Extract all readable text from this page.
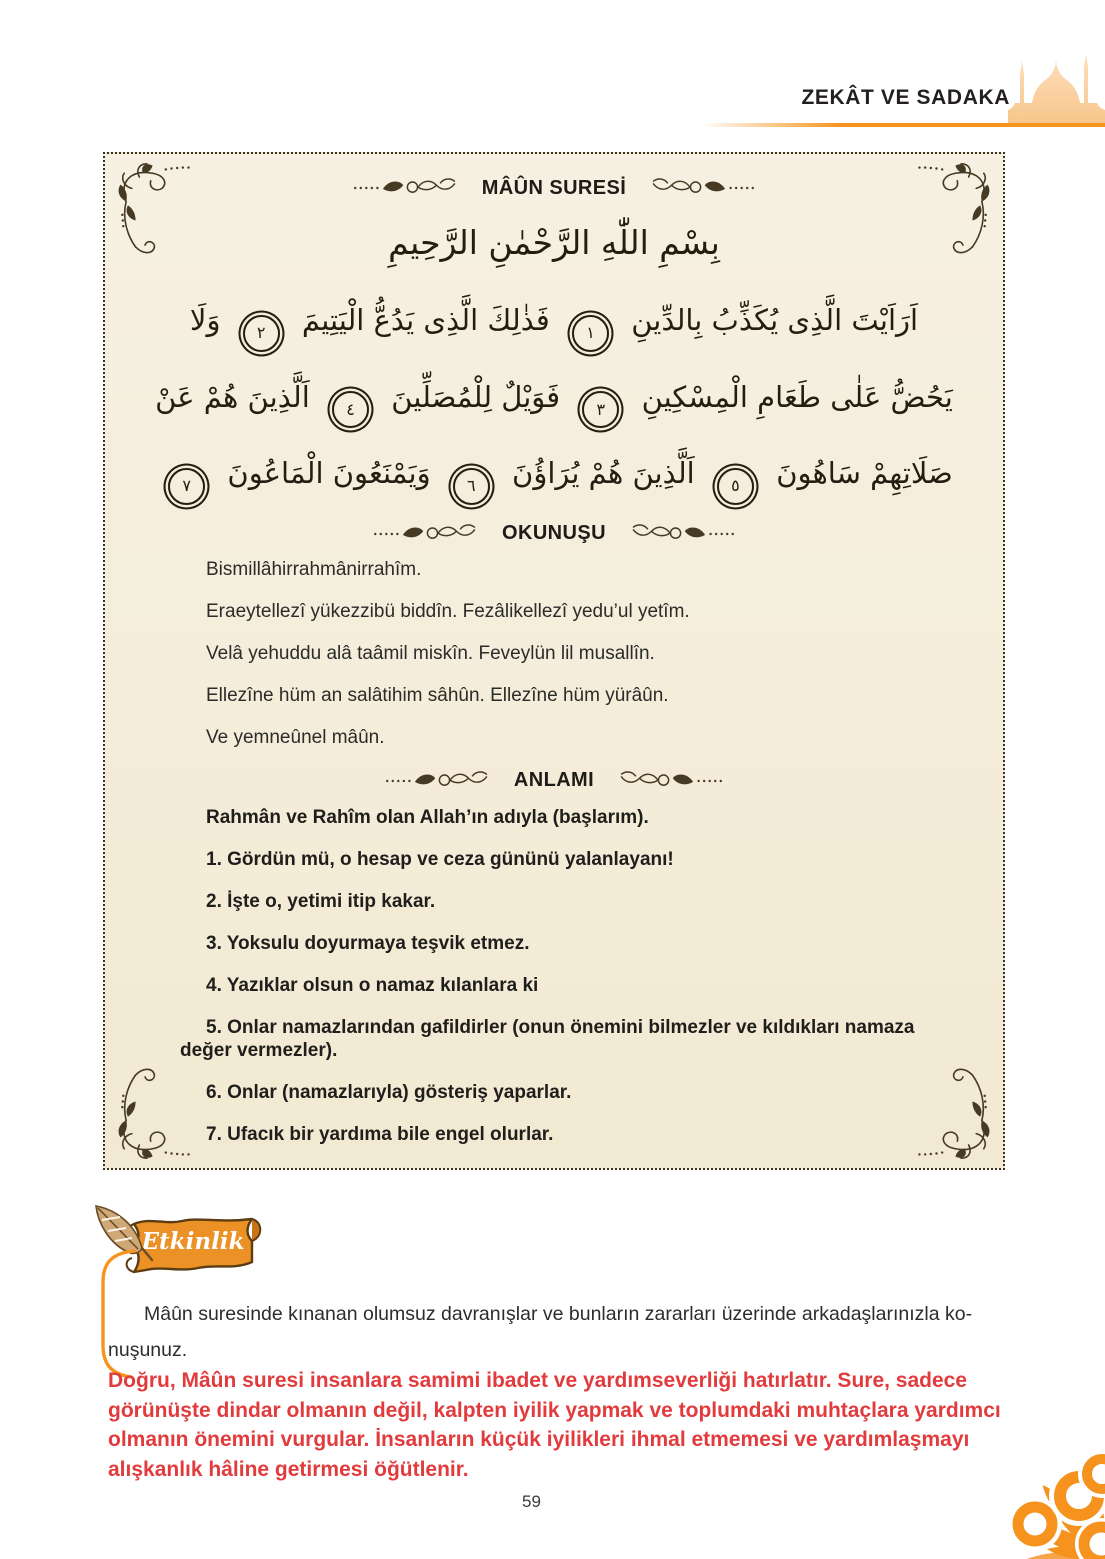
ZEKÂT VE SADAKA
MÂÛN SURESİ
بِسْمِ اللّٰهِ الرَّحْمٰنِ الرَّحِيمِ
اَرَاَيْتَ الَّذِى يُكَذِّبُ بِالدِّينِ
١
فَذٰلِكَ الَّذِى يَدُعُّ الْيَتِيمَ
٢
وَلَا
يَحُضُّ عَلٰى طَعَامِ الْمِسْكِينِ
٣
فَوَيْلٌ لِلْمُصَلِّينَ
٤
اَلَّذِينَ هُمْ عَنْ
صَلَاتِهِمْ سَاهُونَ
٥
اَلَّذِينَ هُمْ يُرَاؤُنَ
٦
وَيَمْنَعُونَ الْمَاعُونَ
٧
OKUNUŞU

Bismillâhirrahmânirrahîm.

Eraeytellezî yükezzibü biddîn. Fezâlikellezî yedu’ul yetîm.

Velâ yehuddu alâ taâmil miskîn. Feveylün lil musallîn.

Ellezîne hüm an salâtihim sâhûn. Ellezîne hüm yürâûn.

Ve yemneûnel mâûn.

ANLAMI

Rahmân ve Rahîm olan Allah’ın adıyla (başlarım).

1. Gördün mü, o hesap ve ceza gününü yalanlayanı!

2. İşte o, yetimi itip kakar.

3. Yoksulu doyurmaya teşvik etmez.

4. Yazıklar olsun o namaz kılanlara ki

5. Onlar namazlarından gafildirler (onun önemini bilmezler ve kıldıkları namaza değer vermezler).

6. Onlar (namazlarıyla) gösteriş yaparlar.

7. Ufacık bir yardıma bile engel olurlar.

Etkinlik
Mâûn suresinde kınanan olumsuz davranışlar ve bunların zararları üzerinde arkadaşlarınızla ko-
nuşunuz.
Doğru, Mâûn suresi insanlara samimi ibadet ve yardımseverliği hatırlatır. Sure, sadece görünüşte dindar olmanın değil, kalpten iyilik yapmak ve toplumdaki muhtaçlara yardımcı olmanın önemini vurgular. İnsanların küçük iyilikleri ihmal etmemesi ve yardımlaşmayı alışkanlık hâline getirmesi öğütlenir.
59
